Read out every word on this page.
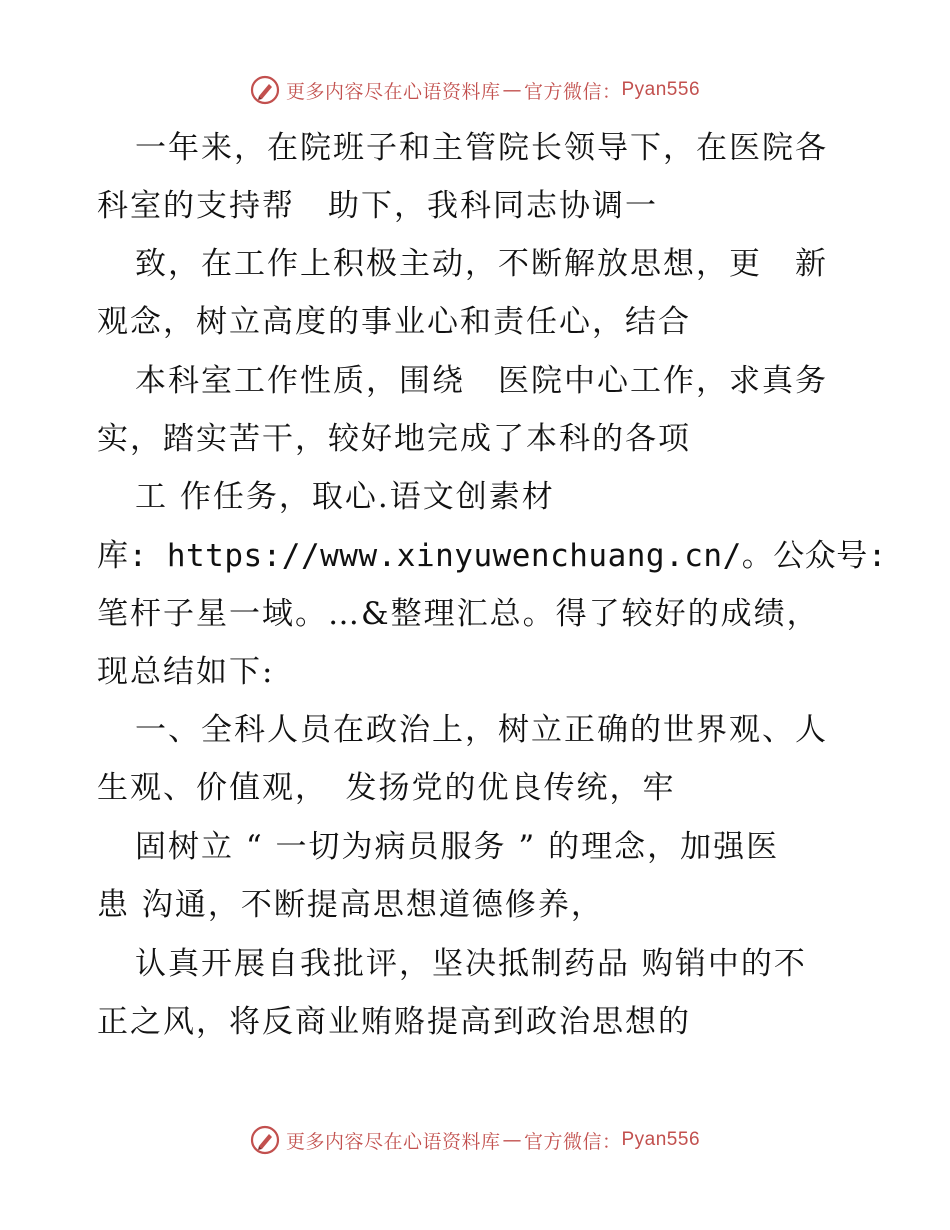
更多内容尽在心语资料库 — 官方微信： Pyan556
一年来，在院班子和主管院长领导下，在医院各
科室的支持帮　助下，我科同志协调一
致，在工作上积极主动，不断解放思想，更　新
观念，树立高度的事业心和责任心，结合
本科室工作性质，围绕　医院中心工作，求真务
实，踏实苦干，较好地完成了本科的各项
工 作任务，取心.语文创素材
库: https://www.xinyuwenchuang.cn/。公众号:
笔杆子星一域。…&整理汇总。得了较好的成绩，
现总结如下:
一、全科人员在政治上，树立正确的世界观、人
生观、价值观，　发扬党的优良传统，牢
固树立 “ 一切为病员服务 ” 的理念，加强医
患 沟通，不断提高思想道德修养，
认真开展自我批评，坚决抵制药品 购销中的不
正之风，将反商业贿赂提高到政治思想的
更多内容尽在心语资料库 — 官方微信： Pyan556
